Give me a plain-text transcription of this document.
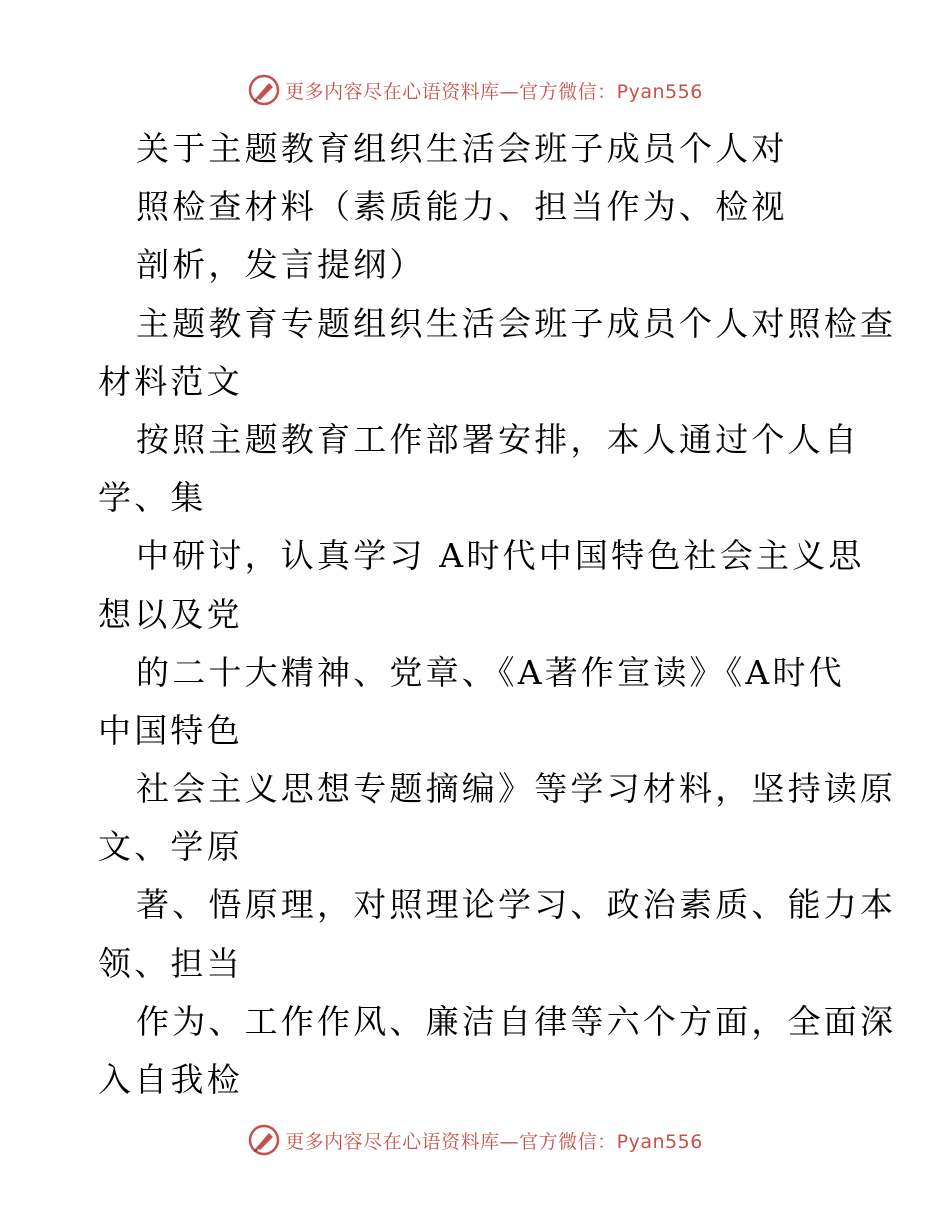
更多内容尽在心语资料库—官方微信：Pyan556
关于主题教育组织生活会班子成员个人对
照检查材料（素质能力、担当作为、检视
剖析，发言提纲）
主题教育专题组织生活会班子成员个人对照检查
材料范文
按照主题教育工作部署安排，本人通过个人自
学、集
中研讨，认真学习 A时代中国特色社会主义思
想以及党
的二十大精神、党章、《A著作宣读》《A时代
中国特色
社会主义思想专题摘编》等学习材料，坚持读原
文、学原
著、悟原理，对照理论学习、政治素质、能力本
领、担当
作为、工作作风、廉洁自律等六个方面，全面深
入自我检
更多内容尽在心语资料库—官方微信：Pyan556
